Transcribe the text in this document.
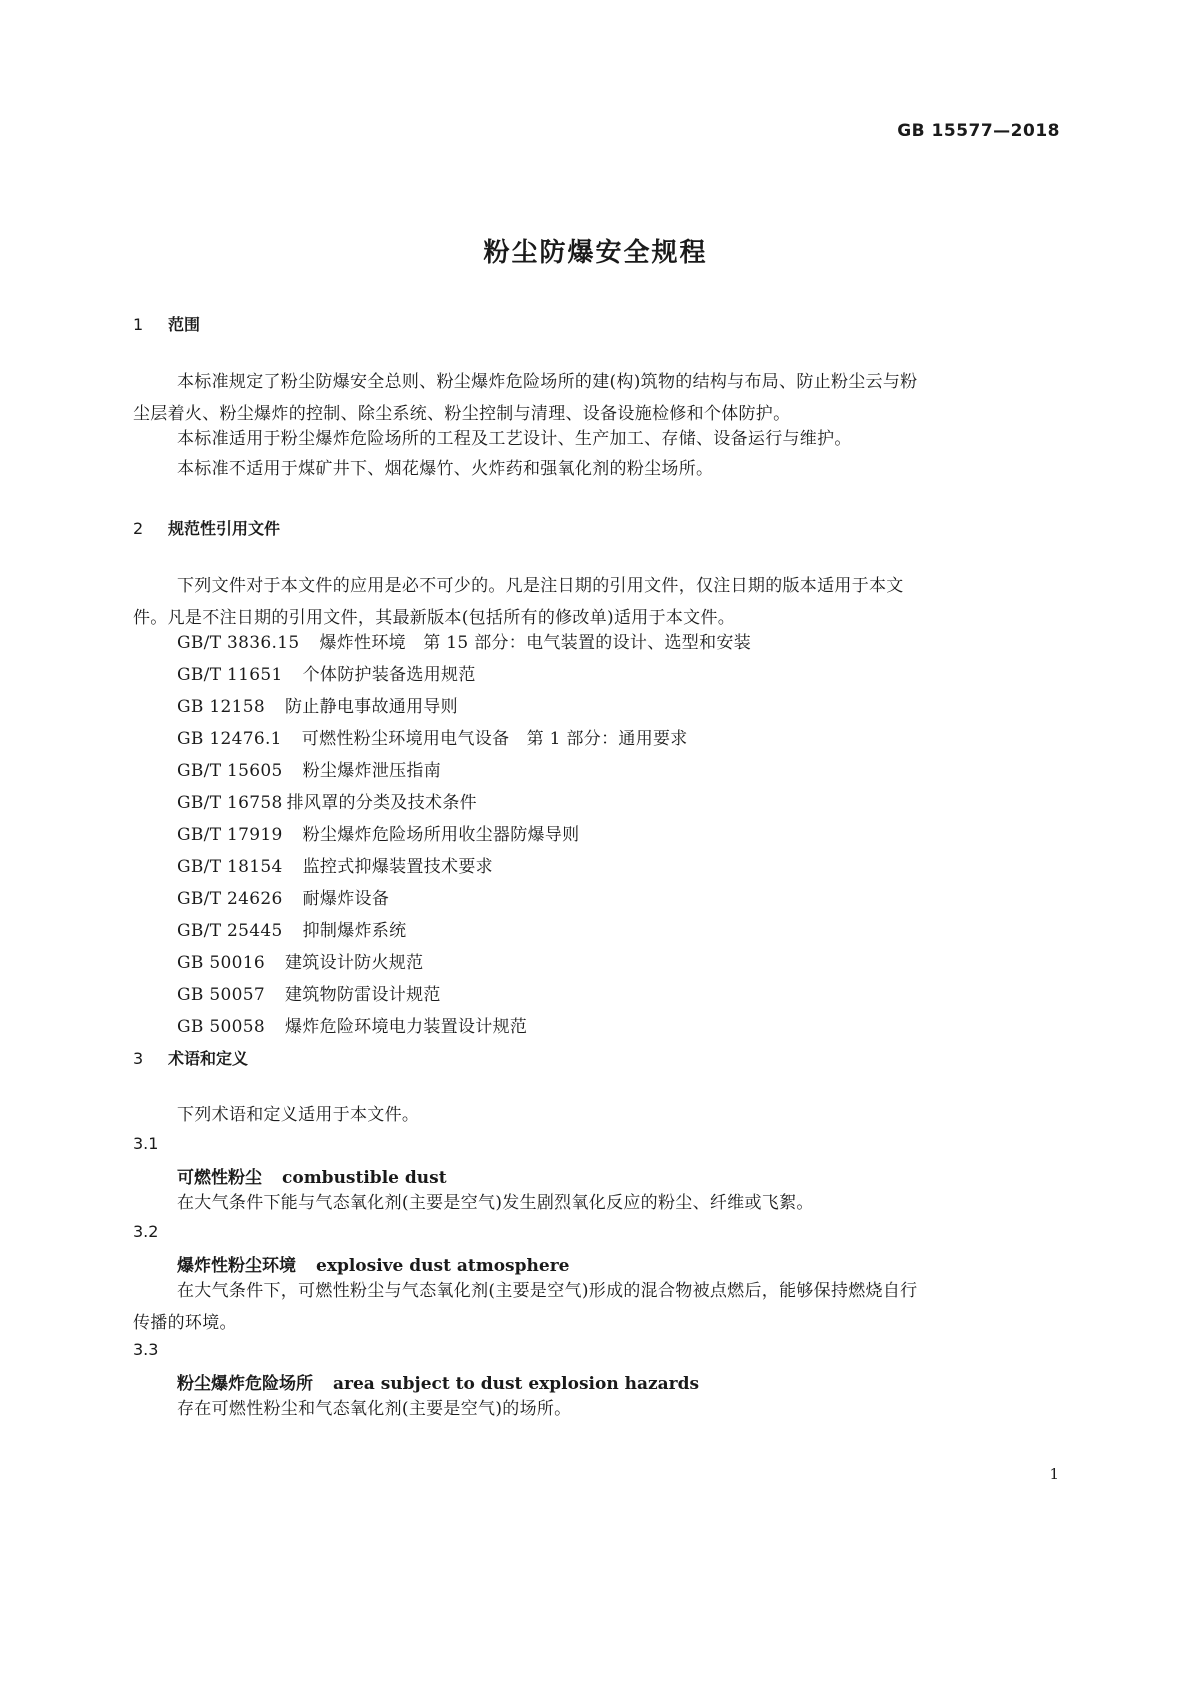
GB 15577—2018
粉尘防爆安全规程
1 范围
本标准规定了粉尘防爆安全总则、粉尘爆炸危险场所的建(构)筑物的结构与布局、防止粉尘云与粉
尘层着火、粉尘爆炸的控制、除尘系统、粉尘控制与清理、设备设施检修和个体防护。
本标准适用于粉尘爆炸危险场所的工程及工艺设计、生产加工、存储、设备运行与维护。
本标准不适用于煤矿井下、烟花爆竹、火炸药和强氧化剂的粉尘场所。
2 规范性引用文件
下列文件对于本文件的应用是必不可少的。凡是注日期的引用文件，仅注日期的版本适用于本文
件。凡是不注日期的引用文件，其最新版本(包括所有的修改单)适用于本文件。
GB/T 3836.15 爆炸性环境　第 15 部分：电气装置的设计、选型和安装
GB/T 11651 个体防护装备选用规范
GB 12158 防止静电事故通用导则
GB 12476.1 可燃性粉尘环境用电气设备　第 1 部分：通用要求
GB/T 15605 粉尘爆炸泄压指南
GB/T 16758 排风罩的分类及技术条件
GB/T 17919 粉尘爆炸危险场所用收尘器防爆导则
GB/T 18154 监控式抑爆装置技术要求
GB/T 24626 耐爆炸设备
GB/T 25445 抑制爆炸系统
GB 50016 建筑设计防火规范
GB 50057 建筑物防雷设计规范
GB 50058 爆炸危险环境电力装置设计规范
3 术语和定义
下列术语和定义适用于本文件。
3.1
可燃性粉尘 combustible dust
在大气条件下能与气态氧化剂(主要是空气)发生剧烈氧化反应的粉尘、纤维或飞絮。
3.2
爆炸性粉尘环境 explosive dust atmosphere
在大气条件下，可燃性粉尘与气态氧化剂(主要是空气)形成的混合物被点燃后，能够保持燃烧自行
传播的环境。
3.3
粉尘爆炸危险场所 area subject to dust explosion hazards
存在可燃性粉尘和气态氧化剂(主要是空气)的场所。
1
